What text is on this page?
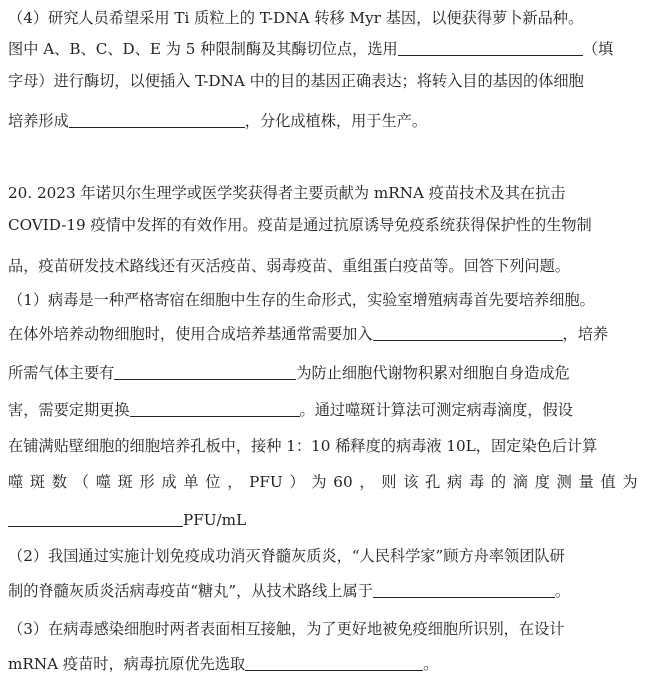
（4）研究人员希望采用 Ti 质粒上的 T-DNA 转移 Myr 基因，以便获得萝卜新品种。
图中 A、B、C、D、E 为 5 种限制酶及其酶切位点，选用	（填
字母）进行酶切，以便插入 T-DNA 中的目的基因正确表达；将转入目的基因的体细胞
培养形成	，分化成植株，用于生产。
20. 2023 年诺贝尔生理学或医学奖获得者主要贡献为 mRNA 疫苗技术及其在抗击
COVID-19 疫情中发挥的有效作用。疫苗是通过抗原诱导免疫系统获得保护性的生物制
品，疫苗研发技术路线还有灭活疫苗、弱毒疫苗、重组蛋白疫苗等。回答下列问题。
（1）病毒是一种严格寄宿在细胞中生存的生命形式，实验室增殖病毒首先要培养细胞。
在体外培养动物细胞时，使用合成培养基通常需要加入	，培养
所需气体主要有	为防止细胞代谢物积累对细胞自身造成危
害，需要定期更换	。通过噬斑计算法可测定病毒滴度，假设
在铺满贴壁细胞的细胞培养孔板中，接种 1：10 稀释度的病毒液 10L，固定染色后计算
噬 斑 数 （ 噬 斑 形 成 单 位 ， PFU ） 为 60 ， 则 该 孔 病 毒 的 滴 度 测 量 值 为
PFU/mL
（2）我国通过实施计划免疫成功消灭脊髓灰质炎，“人民科学家”顾方舟率领团队研
制的脊髓灰质炎活病毒疫苗“糖丸”，从技术路线上属于	。
（3）在病毒感染细胞时两者表面相互接触，为了更好地被免疫细胞所识别，在设计
mRNA 疫苗时，病毒抗原优先选取	。
